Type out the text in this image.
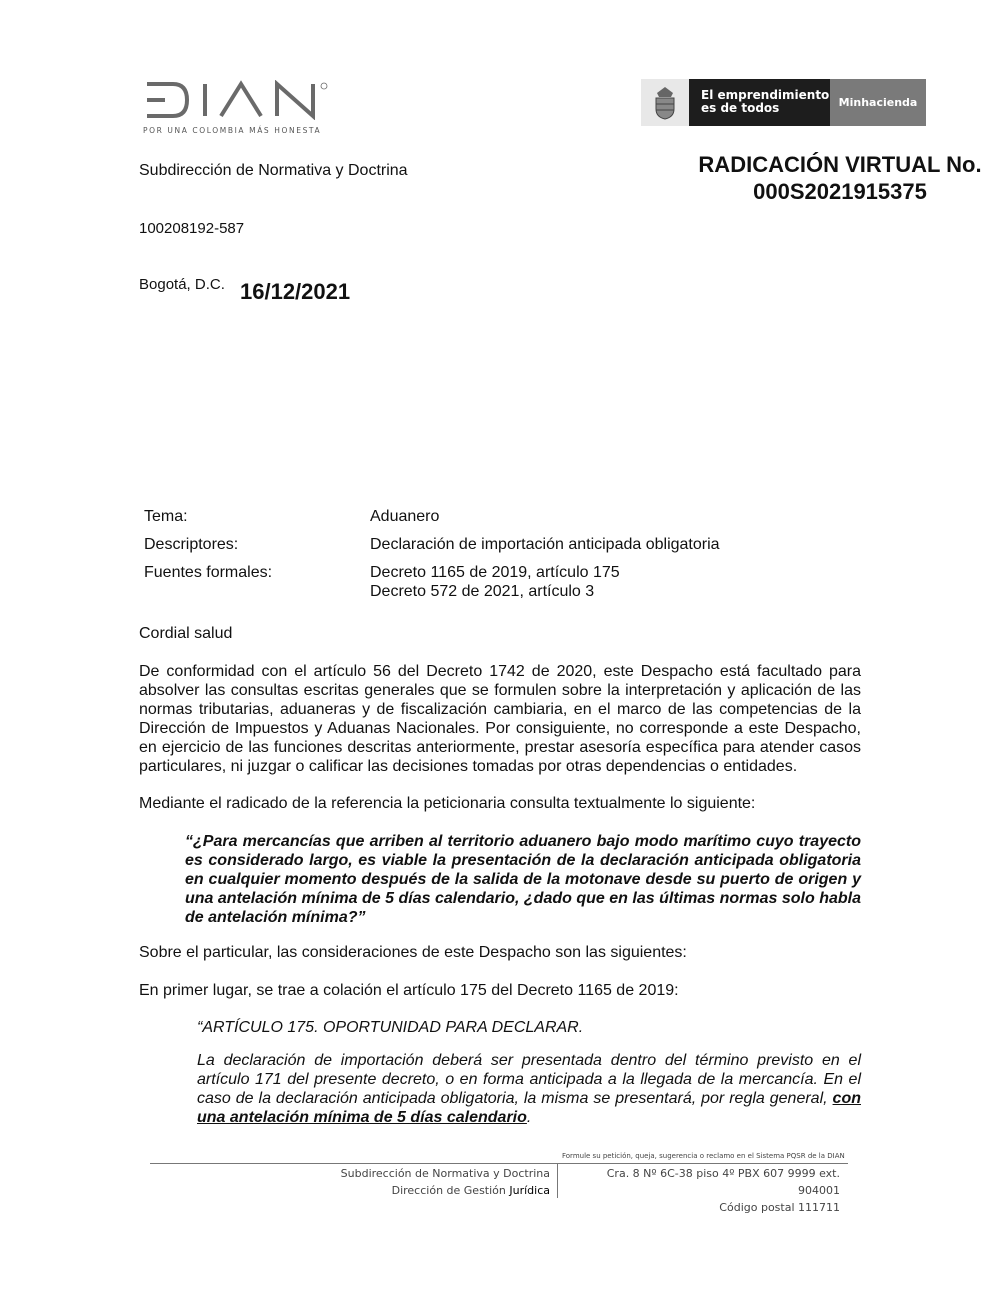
POR UNA COLOMBIA MÁS HONESTA
El emprendimiento
es de todos	Minhacienda
Subdirección de Normativa y Doctrina	RADICACIÓN VIRTUAL No.
000S2021915375
100208192-587
Bogotá, D.C. 16/12/2021
Tema:	Aduanero
Descriptores:	Declaración de importación anticipada obligatoria
Fuentes formales:	Decreto 1165 de 2019, artículo 175
Decreto 572 de 2021, artículo 3
Cordial salud
De conformidad con el artículo 56 del Decreto 1742 de 2020, este Despacho está facultado para absolver las consultas escritas generales que se formulen sobre la interpretación y aplicación de las normas tributarias, aduaneras y de fiscalización cambiaria, en el marco de las competencias de la Dirección de Impuestos y Aduanas Nacionales. Por consiguiente, no corresponde a este Despacho, en ejercicio de las funciones descritas anteriormente, prestar asesoría específica para atender casos particulares, ni juzgar o calificar las decisiones tomadas por otras dependencias o entidades.
Mediante el radicado de la referencia la peticionaria consulta textualmente lo siguiente:
“¿Para mercancías que arriben al territorio aduanero bajo modo marítimo cuyo trayecto es considerado largo, es viable la presentación de la declaración anticipada obligatoria en cualquier momento después de la salida de la motonave desde su puerto de origen y una antelación mínima de 5 días calendario, ¿dado que en las últimas normas solo habla de antelación mínima?”
Sobre el particular, las consideraciones de este Despacho son las siguientes:
En primer lugar, se trae a colación el artículo 175 del Decreto 1165 de 2019:
“ARTÍCULO 175. OPORTUNIDAD PARA DECLARAR.
La declaración de importación deberá ser presentada dentro del término previsto en el artículo 171 del presente decreto, o en forma anticipada a la llegada de la mercancía. En el caso de la declaración anticipada obligatoria, la misma se presentará, por regla general, con una antelación mínima de 5 días calendario.
Formule su petición, queja, sugerencia o reclamo en el Sistema PQSR de la DIAN
Subdirección de Normativa y Doctrina
Dirección de Gestión Jurídica
Cra. 8 Nº 6C-38 piso 4º PBX 607 9999 ext. 904001
Código postal 111711
